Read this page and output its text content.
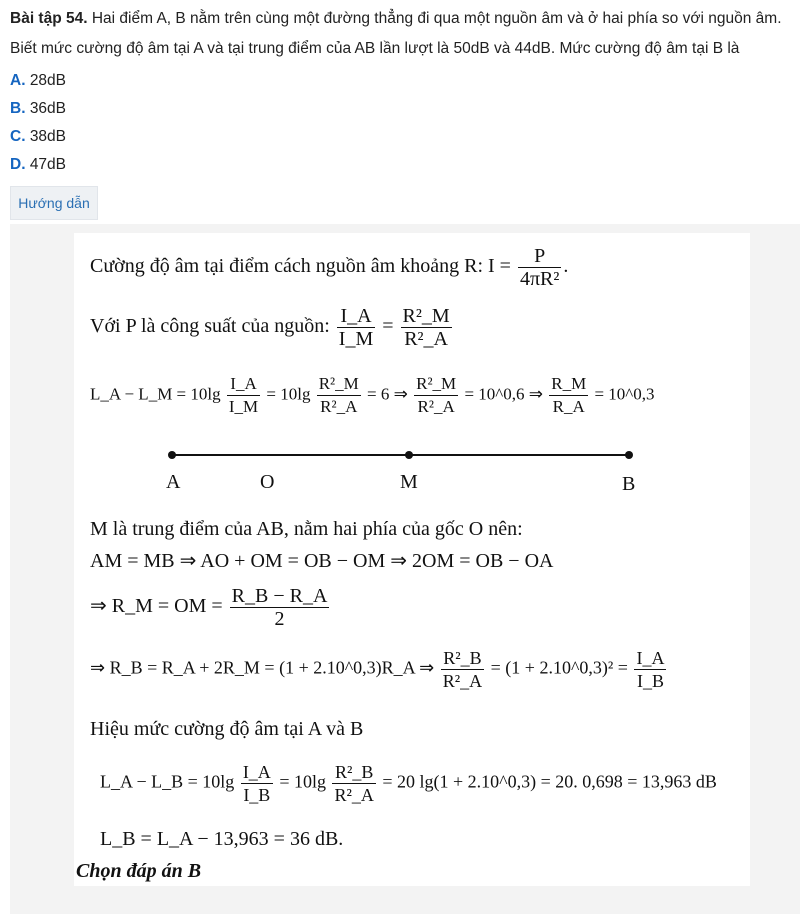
Bài tập 54. Hai điểm A, B nằm trên cùng một đường thẳng đi qua một nguồn âm và ở hai phía so với nguồn âm.
Biết mức cường độ âm tại A và tại trung điểm của AB lần lượt là 50dB và 44dB. Mức cường độ âm tại B là
A. 28dB
B. 36dB
C. 38dB
D. 47dB
Hướng dẫn
Cường độ âm tại điểm cách nguồn âm khoảng R: $I = \frac{P}{\text{4πR²}}$ .
Với P là công suất của nguồn: $\frac{I\_A}{I\_M} = \frac{\text{R²\_M}}{\text{R²\_A}}$
L_A − L_M = $10\lg \frac{I\_A}{I\_M} = 10\lg \frac{\text{R²\_M}}{\text{R²\_A}} = 6$ ⇒ $\frac{\text{R²\_M}}{\text{R²\_A}}$ = 10^0,6 ⇒ $\frac{R\_M}{R\_A}$ = 10^0,3
A	O	M	B
M là trung điểm của AB, nằm hai phía của gốc O nên:
AM = MB ⇒ AO + OM = OB − OM ⇒ 2OM = OB − OA
⇒ R_M = OM = $\frac{R\_B - R\_A}{2}$
⇒ R_B = R_A + 2R_M = (1 + 2.10^0,3)R_A ⇒ $\frac{\text{R²\_B}}{\text{R²\_A}} = (1$ + 2.10^0,3)² = $\frac{I\_A}{I\_B}$
Hiệu mức cường độ âm tại A và B
L_A − L_B = $10\lg \frac{I\_A}{I\_B} = 10\lg \frac{\text{R²\_B}}{\text{R²\_A}} = 20$ lg(1 + 2.10^0,3) = 20. 0,698 = 13,963 dB
L_B = L_A − 13,963 = 36 dB.
Chọn đáp án B
